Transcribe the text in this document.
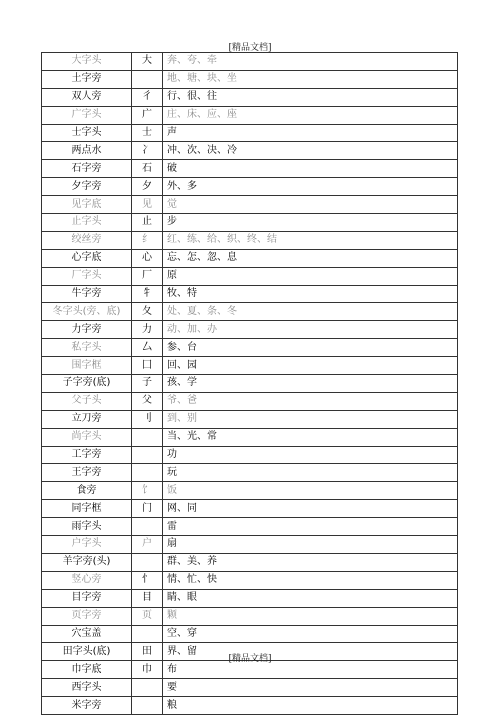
[精品文档]
大字头	大	奔、夸、牵
土字旁		地、塘、块、坐
双人旁	彳	行、很、往
广字头	广	庄、床、应、座
士字头	士	声
两点水	冫	冲、次、决、冷
石字旁	石	破
夕字旁	夕	外、多
见字底	见	觉
止字头	止	步
绞丝旁	纟	红、练、给、织、终、结
心字底	心	忘、怎、忽、息
厂字头	厂	原
牛字旁	牜	牧、特
冬字头(旁、底)	夂	处、夏、条、冬
力字旁	力	动、加、办
私字头	厶	参、台
围字框	囗	回、园
子字旁(底)	子	孩、学
父子头	父	爷、爸
立刀旁	刂	到、别
尚字头		当、光、常
工字旁		功
王字旁		玩
食旁	饣	饭
同字框	门	网、同
雨字头		雷
户字头	户	扇
羊字旁(头)		群、美、养
竖心旁	忄	情、忙、快
目字旁	目	睛、眼
页字旁	页	颗
穴宝盖		空、穿
田字头(底)	田	界、留
巾字底	巾	布
西字头		要
米字旁		粮
[精品文档]
